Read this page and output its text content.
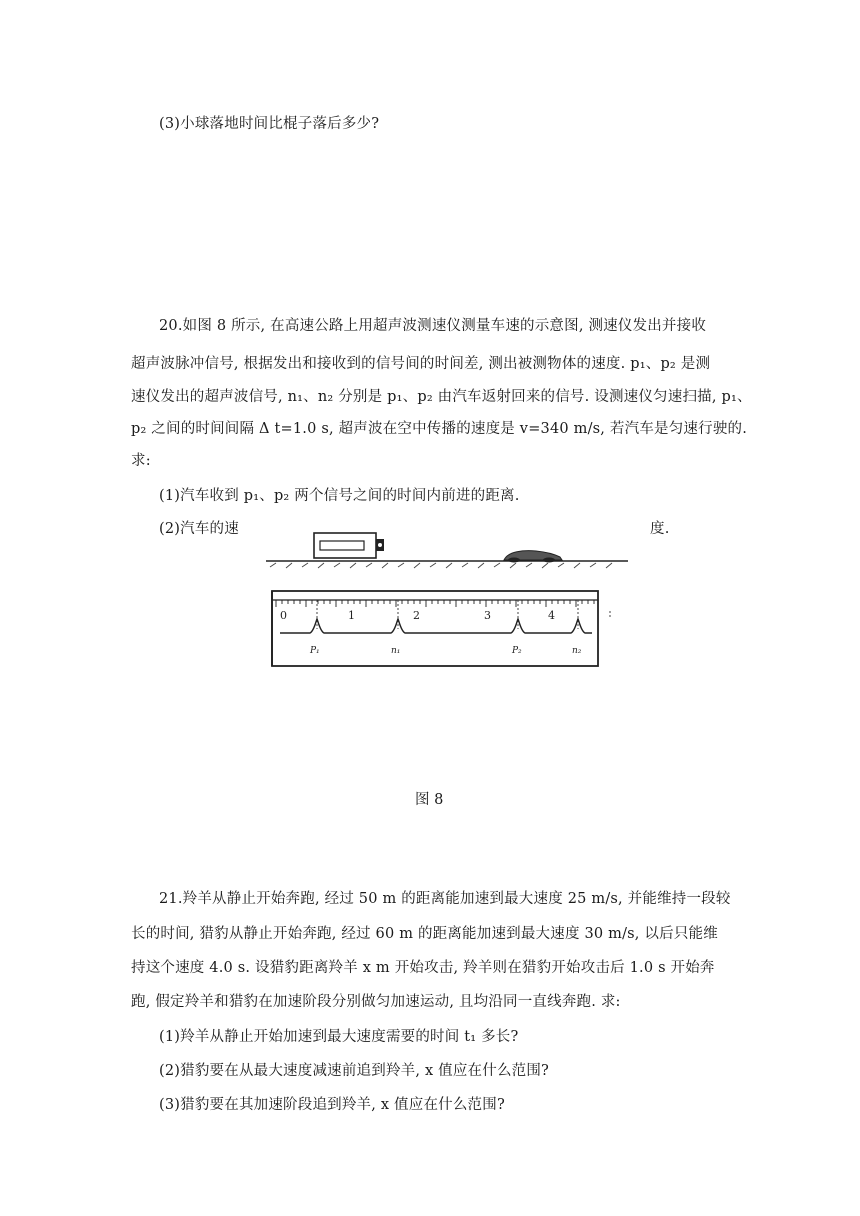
(3)小球落地时间比棍子落后多少?

20.如图 8 所示, 在高速公路上用超声波测速仪测量车速的示意图, 测速仪发出并接收

超声波脉冲信号, 根据发出和接收到的信号间的时间差, 测出被测物体的速度. p₁、p₂ 是测

速仪发出的超声波信号, n₁、n₂ 分别是 p₁、p₂ 由汽车返射回来的信号. 设测速仪匀速扫描, p₁、

p₂ 之间的时间间隔 Δ t=1.0 s, 超声波在空中传播的速度是 v=340 m/s, 若汽车是匀速行驶的.

求:

(1)汽车收到 p₁、p₂ 两个信号之间的时间内前进的距离.

(2)汽车的速	度.

0	1	2	3	4
P₁	n₁	P₂	n₂

图 8

21.羚羊从静止开始奔跑, 经过 50 m 的距离能加速到最大速度 25 m/s, 并能维持一段较

长的时间, 猎豹从静止开始奔跑, 经过 60 m 的距离能加速到最大速度 30 m/s, 以后只能维

持这个速度 4.0 s. 设猎豹距离羚羊 x m 开始攻击, 羚羊则在猎豹开始攻击后 1.0 s 开始奔

跑, 假定羚羊和猎豹在加速阶段分别做匀加速运动, 且均沿同一直线奔跑. 求:

(1)羚羊从静止开始加速到最大速度需要的时间 t₁ 多长?

(2)猎豹要在从最大速度减速前追到羚羊, x 值应在什么范围?

(3)猎豹要在其加速阶段追到羚羊, x 值应在什么范围?
